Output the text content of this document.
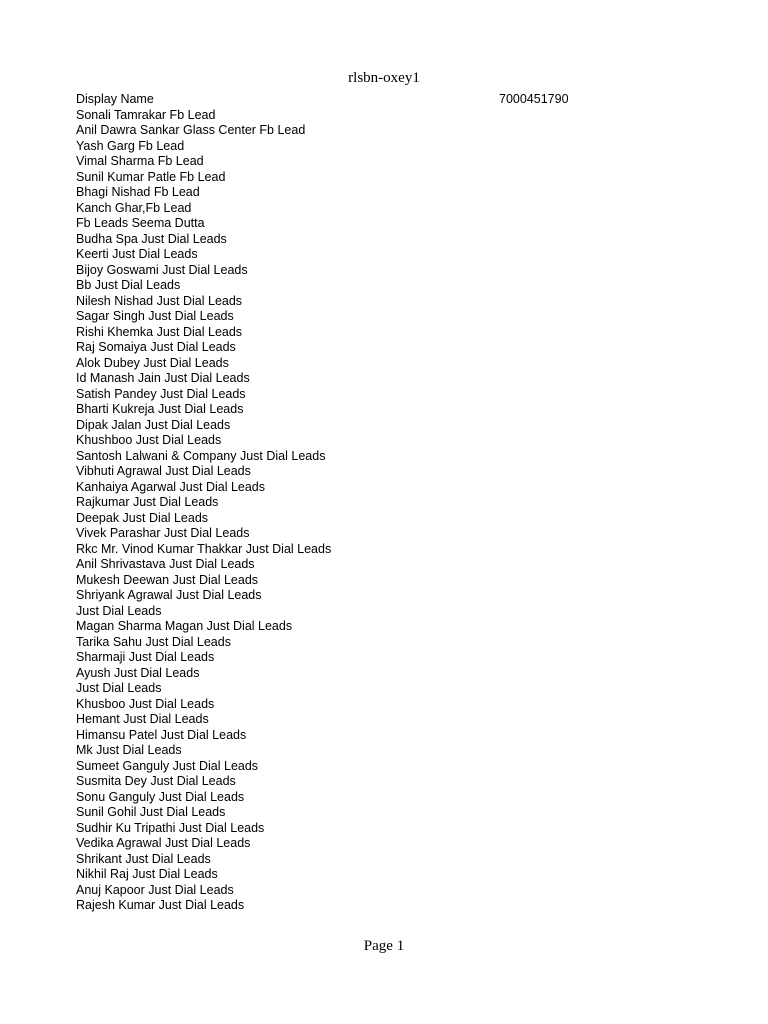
rlsbn-oxey1
Display Name	7000451790
Sonali Tamrakar Fb Lead
Anil Dawra Sankar Glass Center Fb Lead
Yash Garg Fb Lead
Vimal Sharma Fb Lead
Sunil Kumar Patle Fb Lead
Bhagi Nishad Fb Lead
Kanch Ghar,Fb Lead
Fb Leads Seema Dutta
Budha Spa Just Dial Leads
Keerti Just Dial Leads
Bijoy Goswami Just Dial Leads
Bb Just Dial Leads
Nilesh Nishad Just Dial Leads
Sagar Singh Just Dial Leads
Rishi Khemka Just Dial Leads
Raj Somaiya Just Dial Leads
Alok Dubey Just Dial Leads
Id Manash Jain Just Dial Leads
Satish Pandey Just Dial Leads
Bharti Kukreja Just Dial Leads
Dipak Jalan Just Dial Leads
Khushboo Just Dial Leads
Santosh Lalwani & Company Just Dial Leads
Vibhuti Agrawal Just Dial Leads
Kanhaiya Agarwal Just Dial Leads
Rajkumar Just Dial Leads
Deepak Just Dial Leads
Vivek Parashar Just Dial Leads
Rkc Mr. Vinod Kumar Thakkar Just Dial Leads
Anil Shrivastava Just Dial Leads
Mukesh Deewan Just Dial Leads
Shriyank Agrawal Just Dial Leads
Just Dial Leads
Magan Sharma Magan Just Dial Leads
Tarika Sahu Just Dial Leads
Sharmaji Just Dial Leads
Ayush Just Dial Leads
Just Dial Leads
Khusboo Just Dial Leads
Hemant Just Dial Leads
Himansu Patel Just Dial Leads
Mk Just Dial Leads
Sumeet Ganguly Just Dial Leads
Susmita Dey Just Dial Leads
Sonu Ganguly Just Dial Leads
Sunil Gohil Just Dial Leads
Sudhir Ku Tripathi Just Dial Leads
Vedika Agrawal Just Dial Leads
Shrikant Just Dial Leads
Nikhil Raj Just Dial Leads
Anuj Kapoor Just Dial Leads
Rajesh Kumar Just Dial Leads
Page 1
